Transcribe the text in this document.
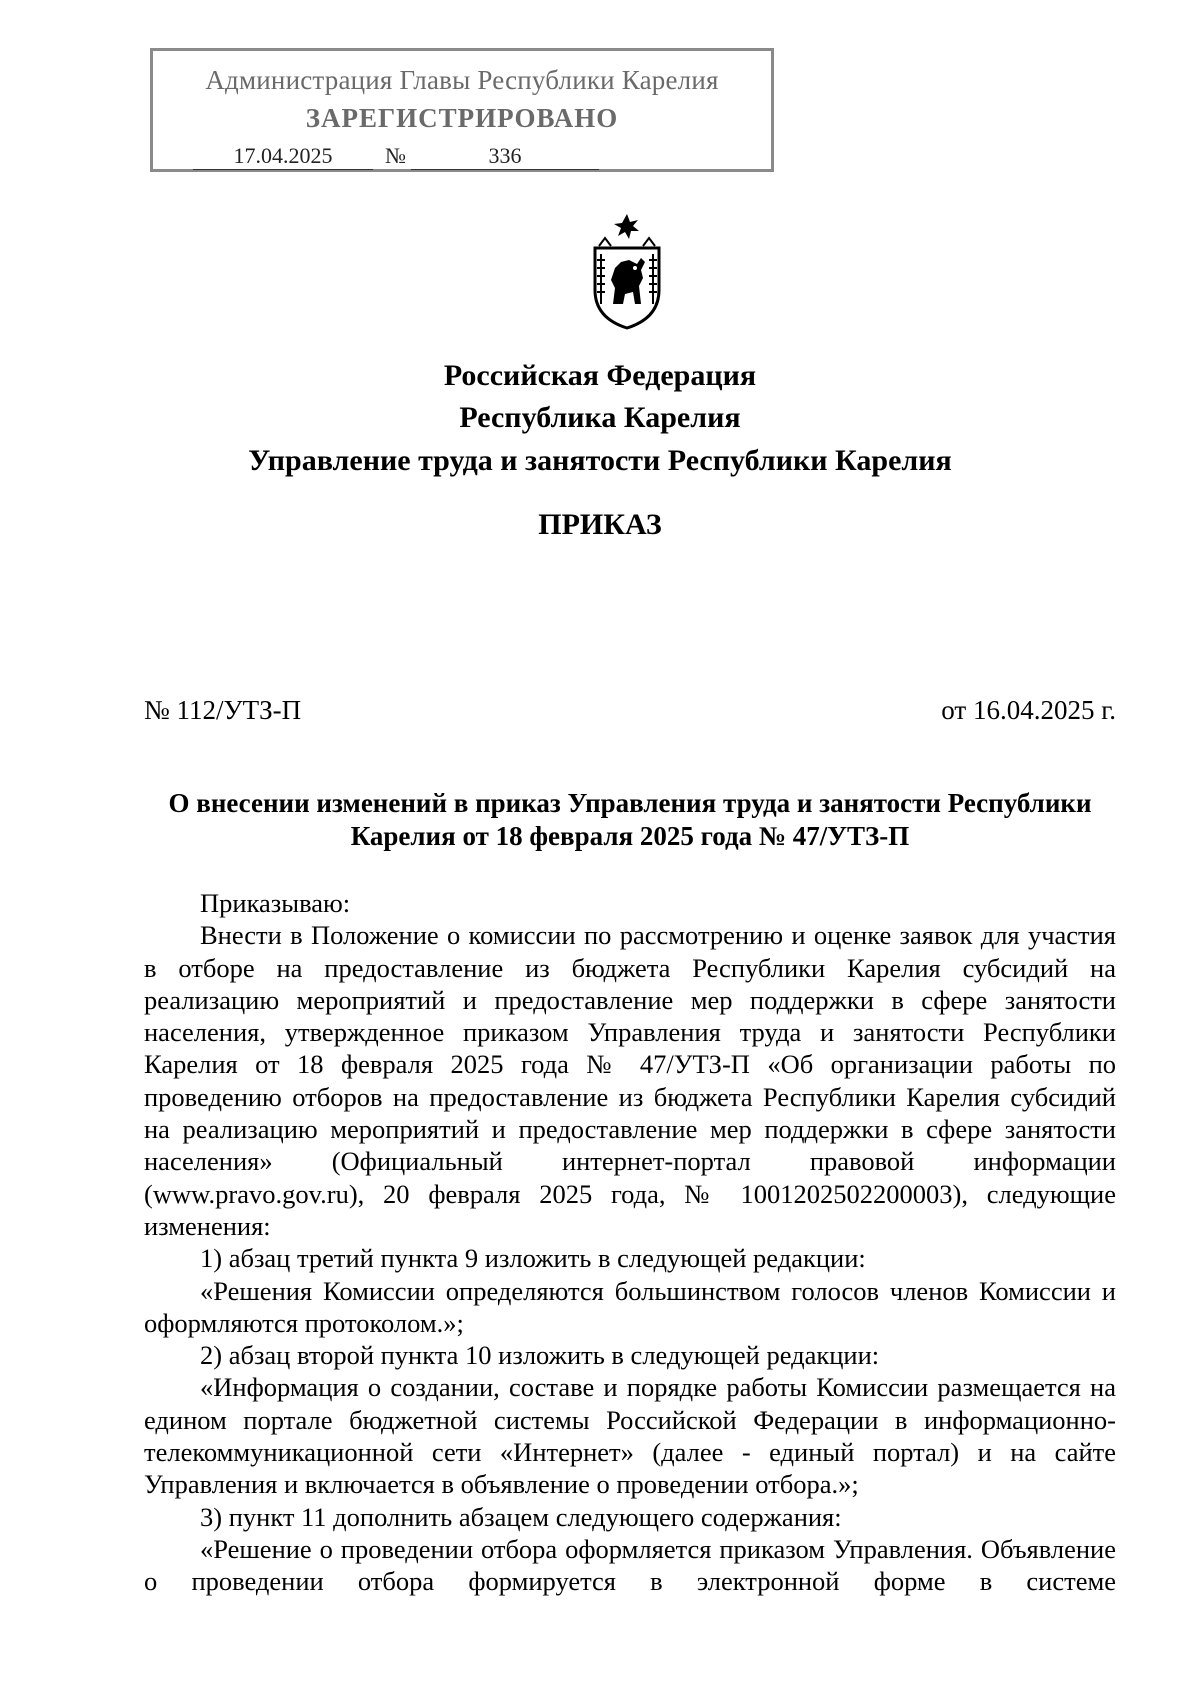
Администрация Главы Республики Карелия
ЗАРЕГИСТРИРОВАНО
17.04.2025	№	336
Российская Федерация
Республика Карелия
Управление труда и занятости Республики Карелия
ПРИКАЗ
№ 112/УТЗ-П	от 16.04.2025 г.
О внесении изменений в приказ Управления труда и занятости Республики Карелия от 18 февраля 2025 года № 47/УТЗ-П

Приказываю:

Внести в Положение о комиссии по рассмотрению и оценке заявок для участия в отборе на предоставление из бюджета Республики Карелия субсидий на реализацию мероприятий и предоставление мер поддержки в сфере занятости населения, утвержденное приказом Управления труда и занятости Республики Карелия от 18 февраля 2025 года № 47/УТЗ-П «Об организации работы по проведению отборов на предоставление из бюджета Республики Карелия субсидий на реализацию мероприятий и предоставление мер поддержки в сфере занятости населения» (Официальный интернет-портал правовой информации (www.pravo.gov.ru), 20 февраля 2025 года, № 1001202502200003), следующие изменения:

1) абзац третий пункта 9 изложить в следующей редакции:

«Решения Комиссии определяются большинством голосов членов Комиссии и оформляются протоколом.»;

2) абзац второй пункта 10 изложить в следующей редакции:

«Информация о создании, составе и порядке работы Комиссии размещается на едином портале бюджетной системы Российской Федерации в информационно-телекоммуникационной сети «Интернет» (далее - единый портал) и на сайте Управления и включается в объявление о проведении отбора.»;

3) пункт 11 дополнить абзацем следующего содержания:

«Решение о проведении отбора оформляется приказом Управления. Объявление о проведении отбора формируется в электронной форме в системе
